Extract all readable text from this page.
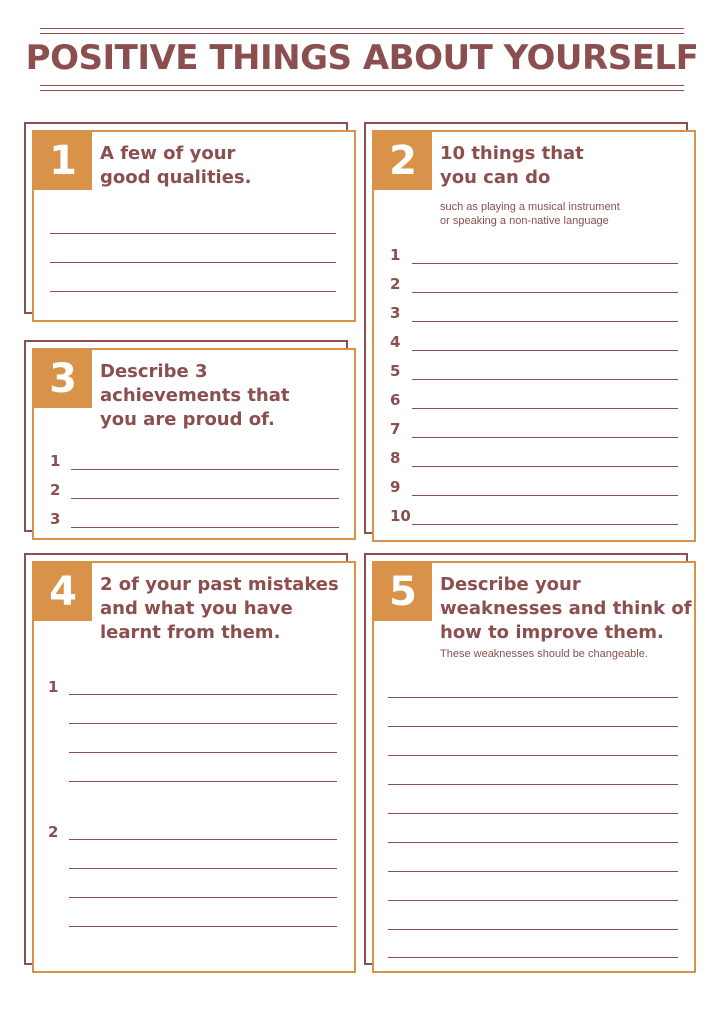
POSITIVE THINGS ABOUT YOURSELF
1	A few of your
good qualities.	2	10 things that
you can do
such as playing a musical instrument
or speaking a non-native language
1
2
3
4
5
6
7
8
9
10
3	Describe 3
achievements that
you are proud of.
1
2
3
4	2 of your past mistakes
and what you have
learnt from them.
1
2
5	Describe your
weaknesses and think of
how to improve them.
These weaknesses should be changeable.
